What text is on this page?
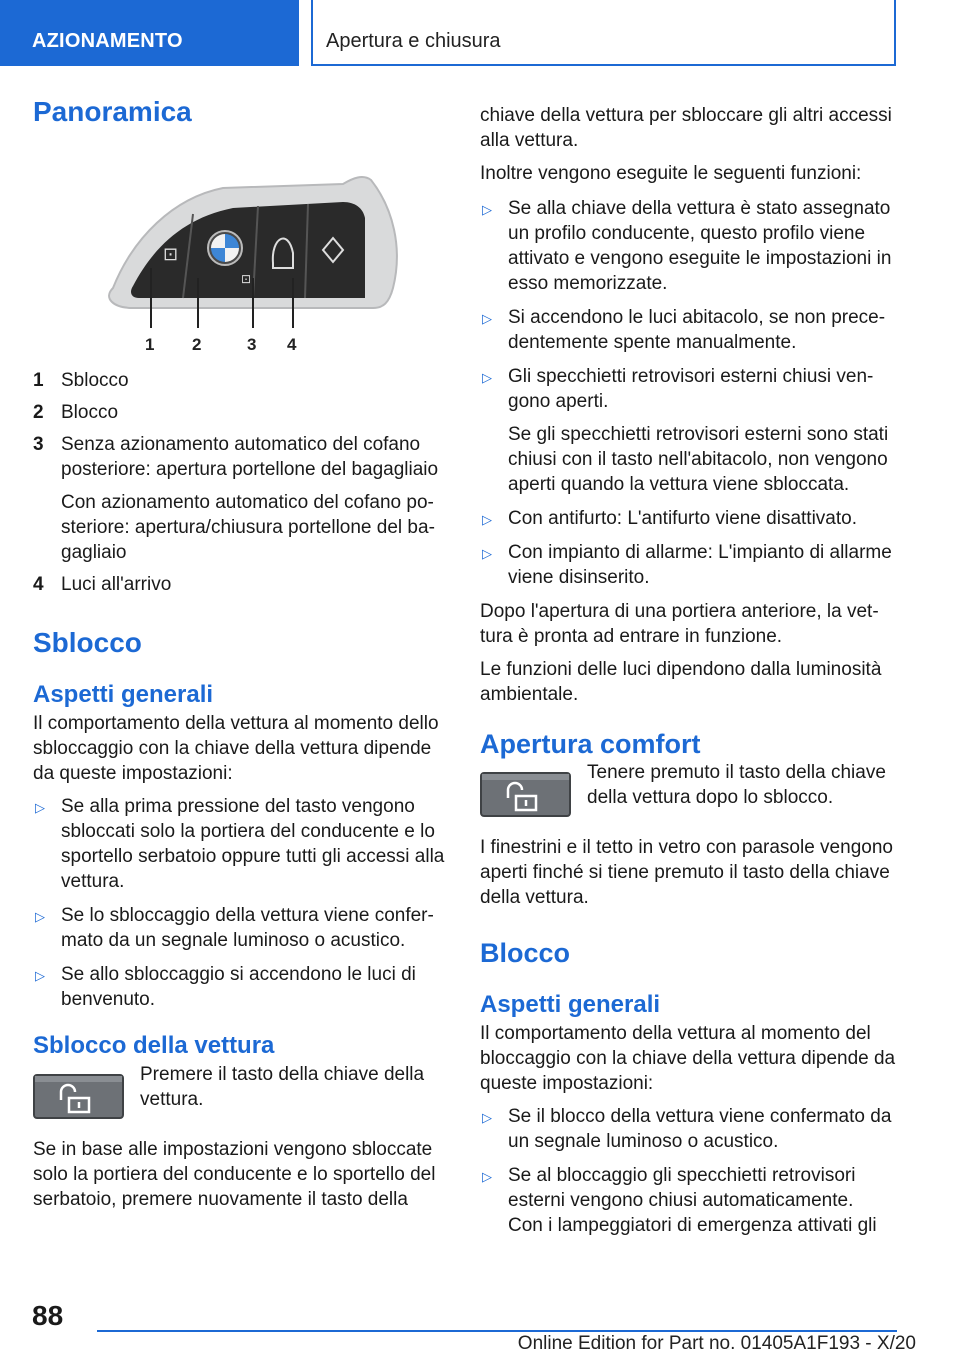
AZIONAMENTO	Apertura e chiusura
Panoramica
⊡
⊡
1 2	3 4
1 Sblocco

2 Blocco

3 Senza azionamento automatico del cofano posteriore: apertura portellone del bagagliaio

Con azionamento automatico del cofano posteriore: apertura/chiusura portellone del bagagliaio

4 Luci all'arrivo

Sblocco
Aspetti generali

Il comportamento della vettura al momento dello sbloccaggio con la chiave della vettura dipende da queste impostazioni:

▷ Se alla prima pressione del tasto vengono sbloccati solo la portiera del conducente e lo sportello serbatoio oppure tutti gli accessi alla vettura.

▷ Se lo sbloccaggio della vettura viene confermato da un segnale luminoso o acustico.

▷ Se allo sbloccaggio si accendono le luci di benvenuto.

Sblocco della vettura

Premere il tasto della chiave della vettura.

Se in base alle impostazioni vengono sbloccate solo la portiera del conducente e lo sportello del serbatoio, premere nuovamente il tasto della

chiave della vettura per sbloccare gli altri accessi alla vettura.

Inoltre vengono eseguite le seguenti funzioni:

▷ Se alla chiave della vettura è stato assegnato un profilo conducente, questo profilo viene attivato e vengono eseguite le impostazioni in esso memorizzate.

▷ Si accendono le luci abitacolo, se non precedentemente spente manualmente.

▷ Gli specchietti retrovisori esterni chiusi vengono aperti.

Se gli specchietti retrovisori esterni sono stati chiusi con il tasto nell'abitacolo, non vengono aperti quando la vettura viene sbloccata.

▷ Con antifurto: L'antifurto viene disattivato.

▷ Con impianto di allarme: L'impianto di allarme viene disinserito.

Dopo l'apertura di una portiera anteriore, la vettura è pronta ad entrare in funzione.

Le funzioni delle luci dipendono dalla luminosità ambientale.

Apertura comfort

Tenere premuto il tasto della chiave della vettura dopo lo sblocco.

I finestrini e il tetto in vetro con parasole vengono aperti finché si tiene premuto il tasto della chiave della vettura.

Blocco
Aspetti generali

Il comportamento della vettura al momento del bloccaggio con la chiave della vettura dipende da queste impostazioni:

▷ Se il blocco della vettura viene confermato da un segnale luminoso o acustico.

▷ Se al bloccaggio gli specchietti retrovisori esterni vengono chiusi automaticamente.

Con i lampeggiatori di emergenza attivati gli

88
Online Edition for Part no. 01405A1F193 - X/20
